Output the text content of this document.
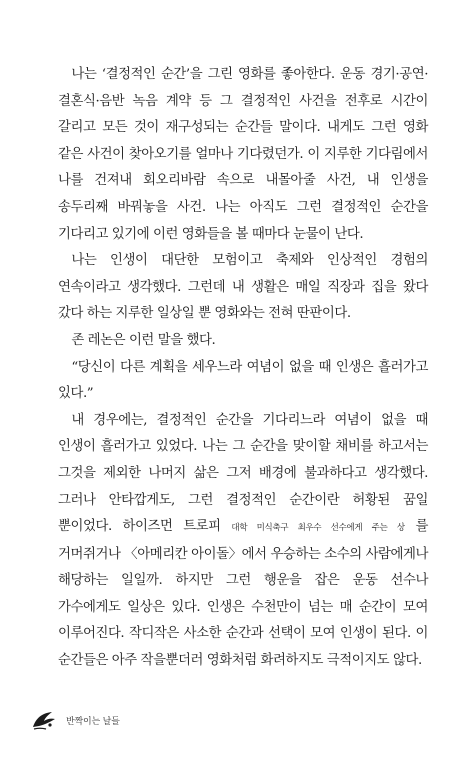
나는 ‘결정적인 순간’을 그린 영화를 좋아한다. 운동 경기·공연·결혼식·음반 녹음 계약 등 그 결정적인 사건을 전후로 시간이 갈리고 모든 것이 재구성되는 순간들 말이다. 내게도 그런 영화 같은 사건이 찾아오기를 얼마나 기다렸던가. 이 지루한 기다림에서 나를 건져내 회오리바람 속으로 내몰아줄 사건, 내 인생을 송두리째 바꿔놓을 사건. 나는 아직도 그런 결정적인 순간을 기다리고 있기에 이런 영화들을 볼 때마다 눈물이 난다.

나는 인생이 대단한 모험이고 축제와 인상적인 경험의 연속이라고 생각했다. 그런데 내 생활은 매일 직장과 집을 왔다 갔다 하는 지루한 일상일 뿐 영화와는 전혀 딴판이다.

존 레논은 이런 말을 했다.

“당신이 다른 계획을 세우느라 여념이 없을 때 인생은 흘러가고 있다.”

내 경우에는, 결정적인 순간을 기다리느라 여념이 없을 때 인생이 흘러가고 있었다. 나는 그 순간을 맞이할 채비를 하고서는 그것을 제외한 나머지 삶은 그저 배경에 불과하다고 생각했다. 그러나 안타깝게도, 그런 결정적인 순간이란 허황된 꿈일 뿐이었다. 하이즈먼 트로피 대학 미식축구 최우수 선수에게 주는 상 를 거머쥐거나 〈아메리칸 아이돌〉에서 우승하는 소수의 사람에게나 해당하는 일일까. 하지만 그런 행운을 잡은 운동 선수나 가수에게도 일상은 있다. 인생은 수천만이 넘는 매 순간이 모여 이루어진다. 작디작은 사소한 순간과 선택이 모여 인생이 된다. 이 순간들은 아주 작을뿐더러 영화처럼 화려하지도 극적이지도 않다.

반짝이는 날들
